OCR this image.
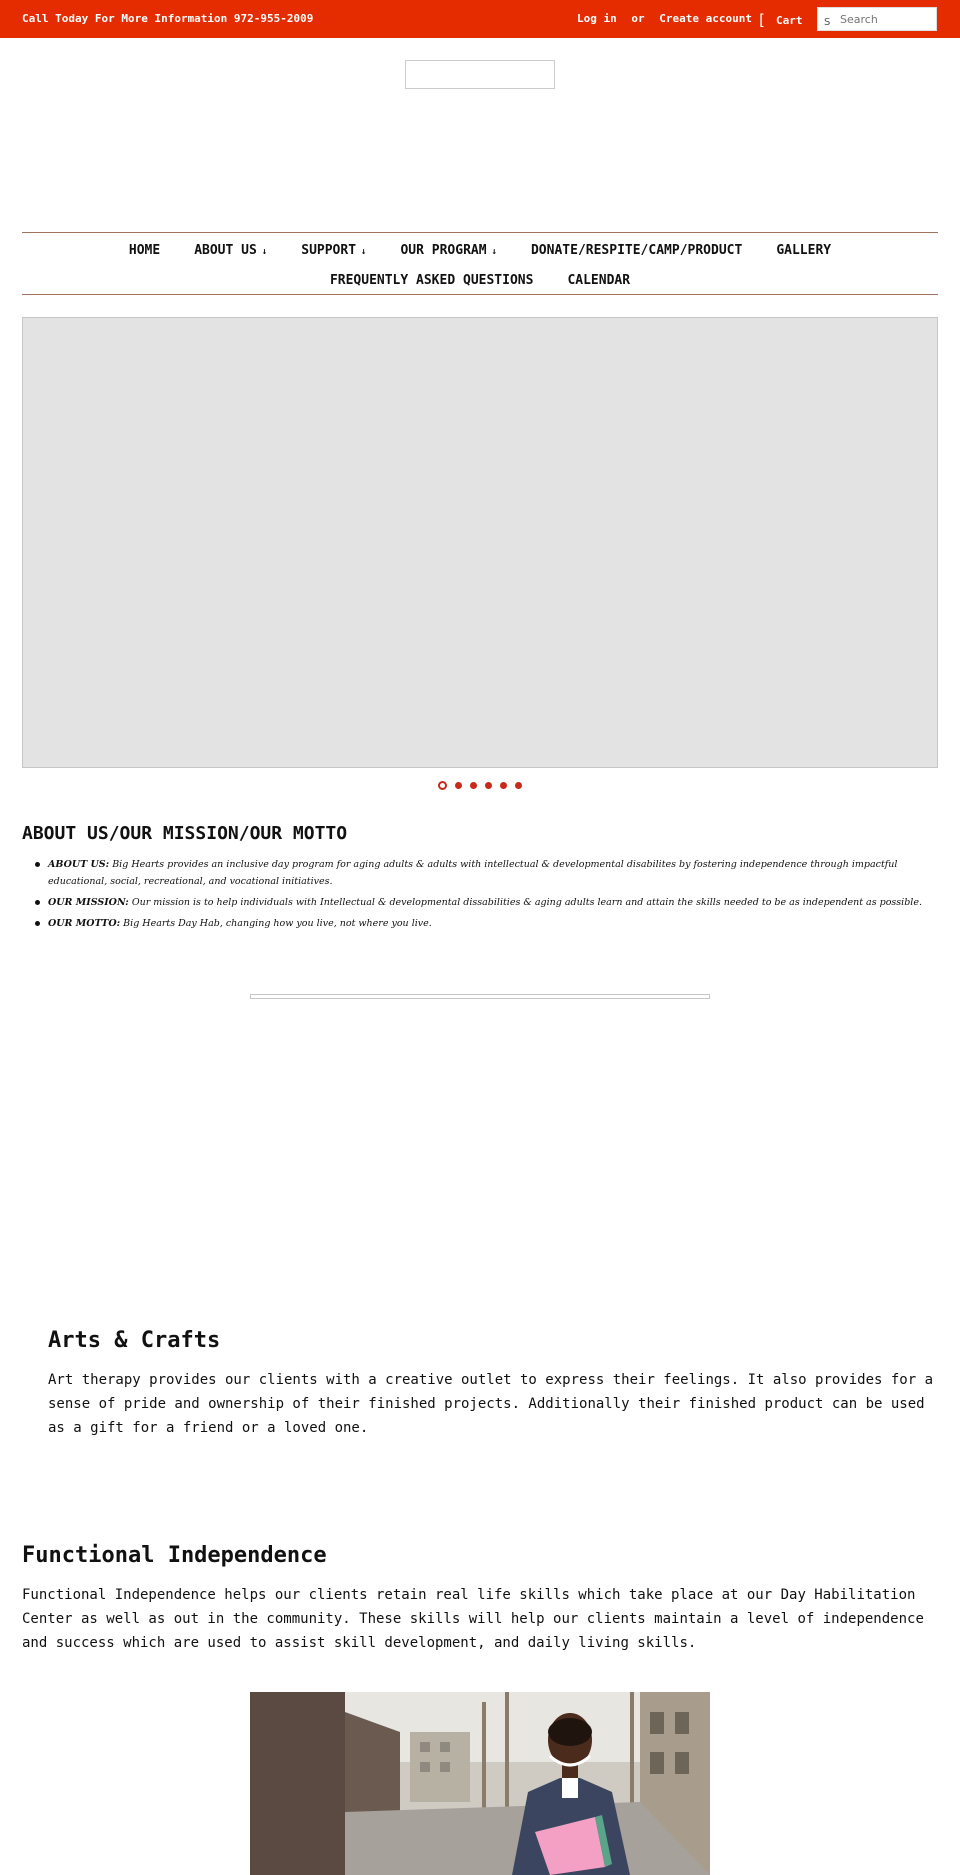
Call Today For More Information 972-955-2009	Log in or Create account [ Cart S
Search
HOME	ABOUT US ↓	SUPPORT ↓	OUR PROGRAM ↓	DONATE/RESPITE/CAMP/PRODUCT	GALLERY
FREQUENTLY ASKED QUESTIONS	CALENDAR
ABOUT US/OUR MISSION/OUR MOTTO
ABOUT US: Big Hearts provides an inclusive day program for aging adults & adults with intellectual & developmental disabilites by fostering independence through impactful educational, social, recreational, and vocational initiatives.
OUR MISSION: Our mission is to help individuals with Intellectual & developmental dissabilities & aging adults learn and attain the skills needed to be as independent as possible.
OUR MOTTO: Big Hearts Day Hab, changing how you live, not where you live.
Arts & Crafts

Art therapy provides our clients with a creative outlet to express their feelings. It also provides for a sense of pride and ownership of their finished projects. Additionally their finished product can be used as a gift for a friend or a loved one.

Functional Independence

Functional Independence helps our clients retain real life skills which take place at our Day Habilitation Center as well as out in the community. These skills will help our clients maintain a level of independence and success which are used to assist skill development, and daily living skills.
